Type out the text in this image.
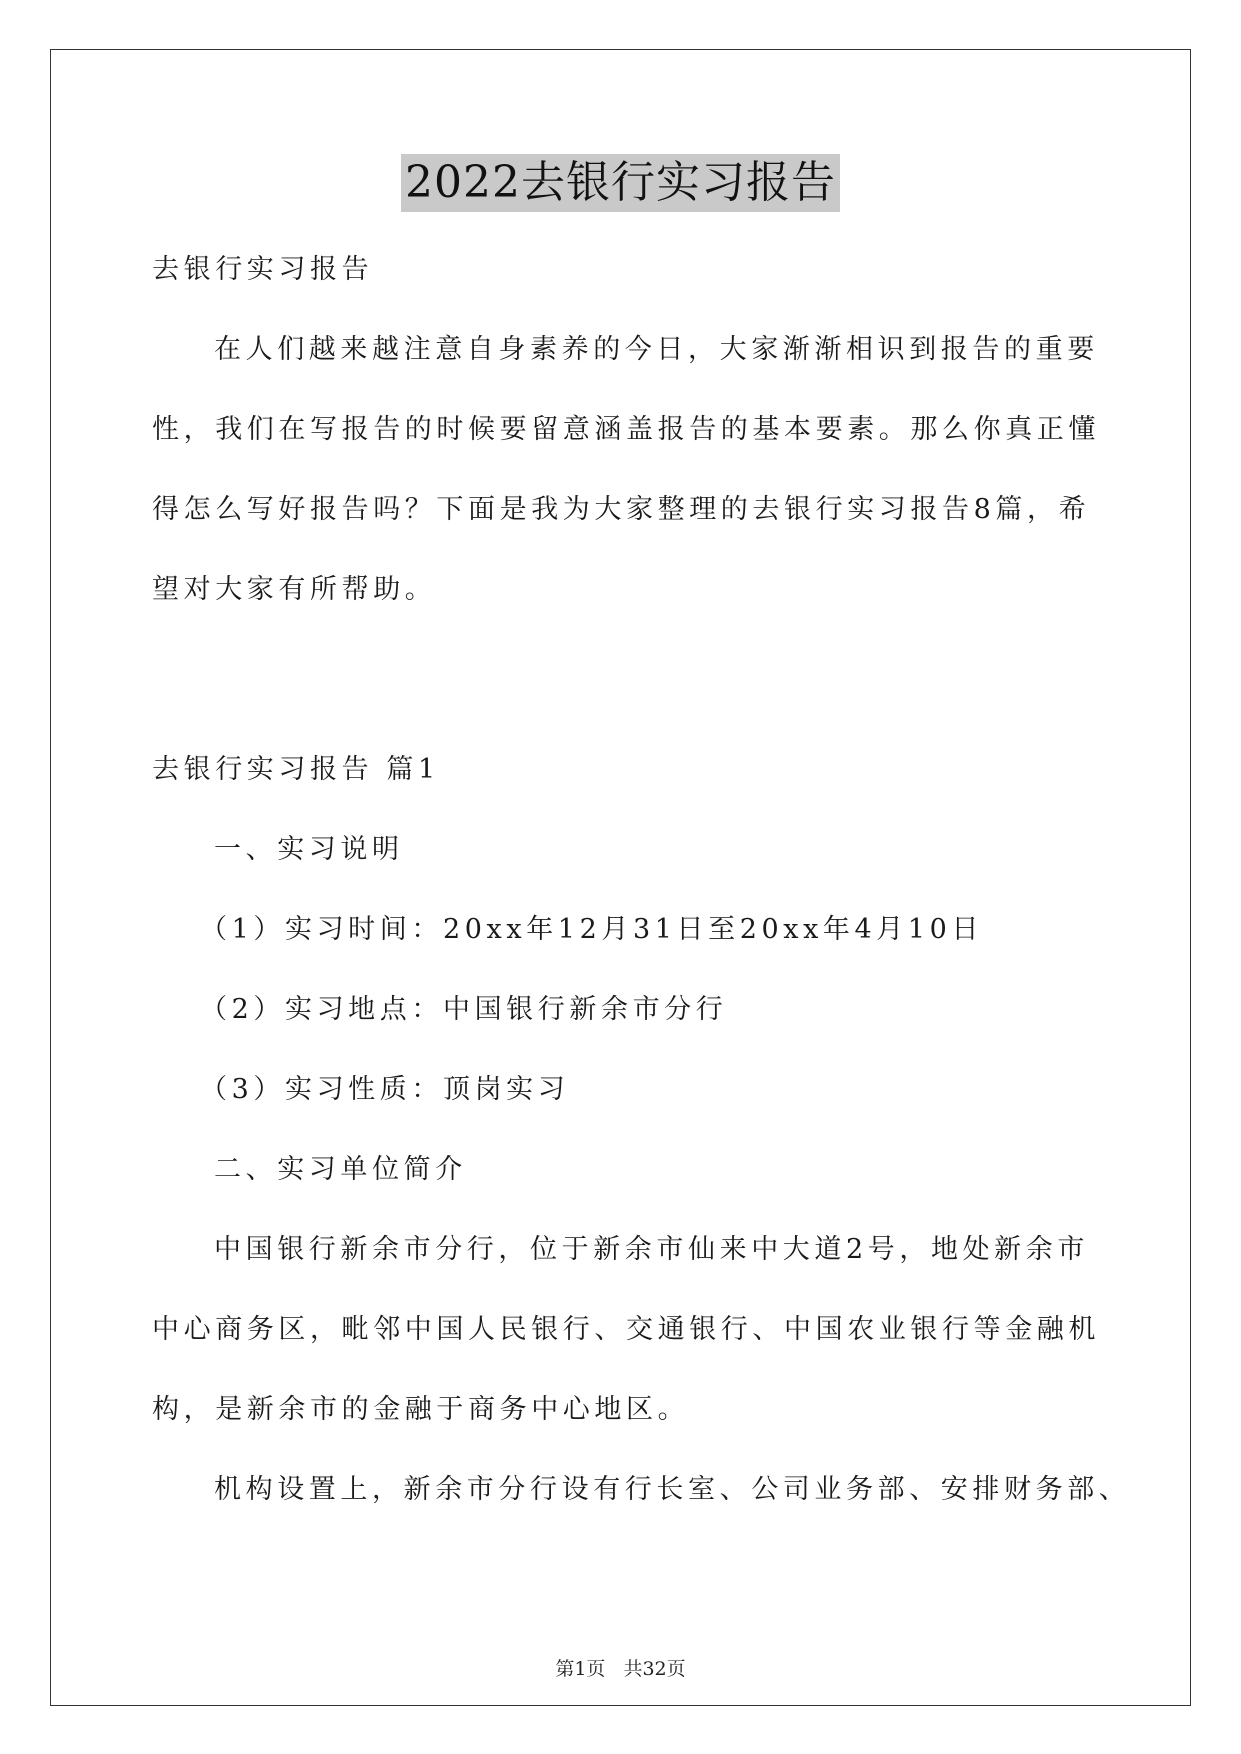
2022去银行实习报告
去银行实习报告
在人们越来越注意自身素养的今日，大家渐渐相识到报告的重要
性，我们在写报告的时候要留意涵盖报告的基本要素。那么你真正懂
得怎么写好报告吗？下面是我为大家整理的去银行实习报告8篇，希
望对大家有所帮助。
去银行实习报告 篇1
一、实习说明
（1）实习时间：20xx年12月31日至20xx年4月10日
（2）实习地点：中国银行新余市分行
（3）实习性质：顶岗实习
二、实习单位简介
中国银行新余市分行，位于新余市仙来中大道2号，地处新余市
中心商务区，毗邻中国人民银行、交通银行、中国农业银行等金融机
构，是新余市的金融于商务中心地区。
机构设置上，新余市分行设有行长室、公司业务部、安排财务部、
第1页 共32页
